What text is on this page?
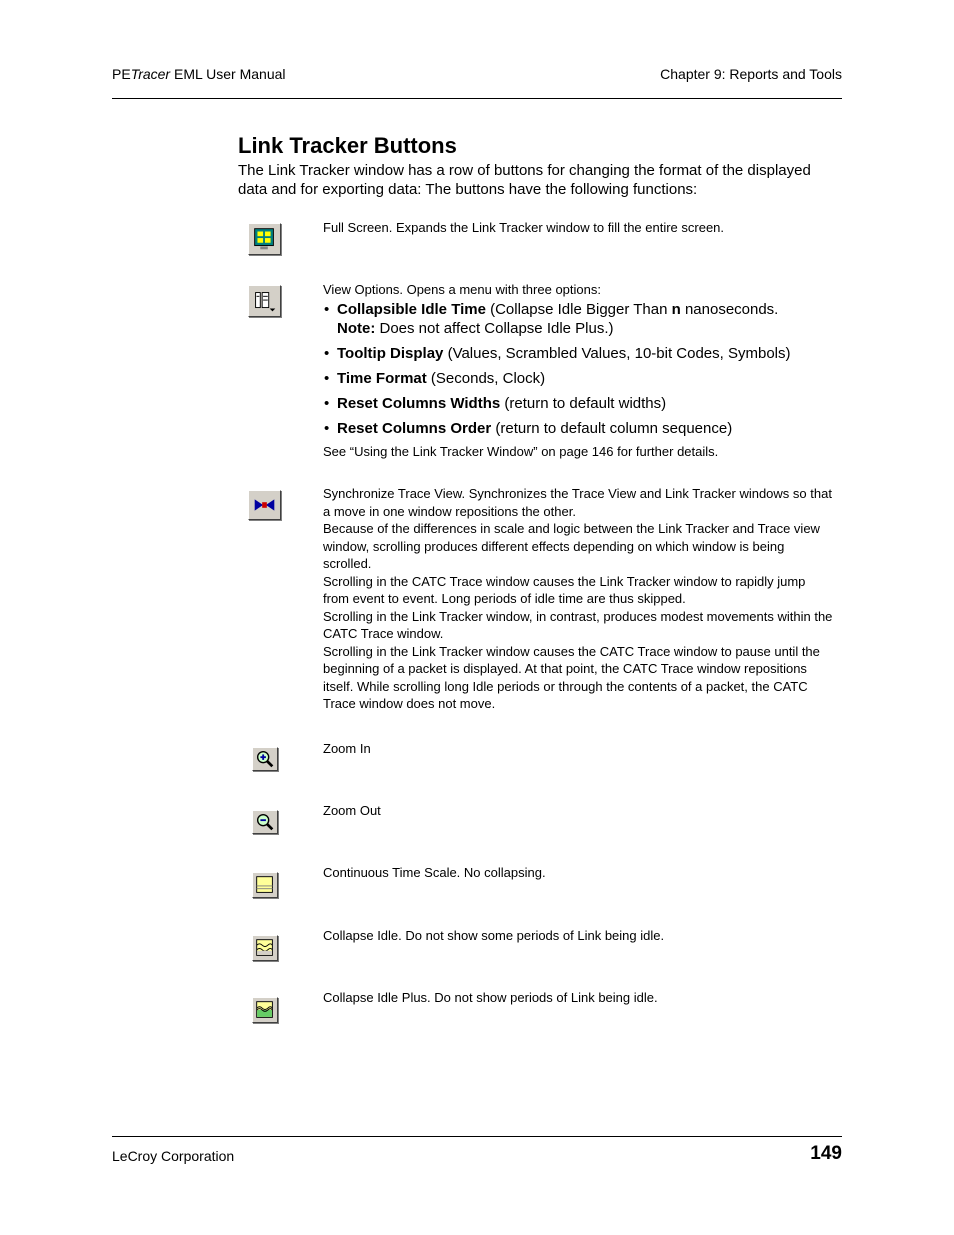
PETracer EML User Manual	Chapter 9: Reports and Tools
Link Tracker Buttons

The Link Tracker window has a row of buttons for changing the format of the displayed data and for exporting data: The buttons have the following functions:

Full Screen. Expands the Link Tracker window to fill the entire screen.

View Options. Opens a menu with three options:

• Collapsible Idle Time (Collapse Idle Bigger Than n nanoseconds.
Note: Does not affect Collapse Idle Plus.)
• Tooltip Display (Values, Scrambled Values, 10-bit Codes, Symbols)
• Time Format (Seconds, Clock)
• Reset Columns Widths (return to default widths)
• Reset Columns Order (return to default column sequence)

See “Using the Link Tracker Window” on page 146 for further details.

Synchronize Trace View. Synchronizes the Trace View and Link Tracker windows so that a move in one window repositions the other.

Because of the differences in scale and logic between the Link Tracker and Trace view window, scrolling produces different effects depending on which window is being scrolled.

Scrolling in the CATC Trace window causes the Link Tracker window to rapidly jump from event to event. Long periods of idle time are thus skipped.

Scrolling in the Link Tracker window, in contrast, produces modest movements within the CATC Trace window.

Scrolling in the Link Tracker window causes the CATC Trace window to pause until the beginning of a packet is displayed. At that point, the CATC Trace window repositions itself. While scrolling long Idle periods or through the contents of a packet, the CATC Trace window does not move.

Zoom In

Zoom Out

Continuous Time Scale. No collapsing.

Collapse Idle. Do not show some periods of Link being idle.

Collapse Idle Plus. Do not show periods of Link being idle.

LeCroy Corporation	149
